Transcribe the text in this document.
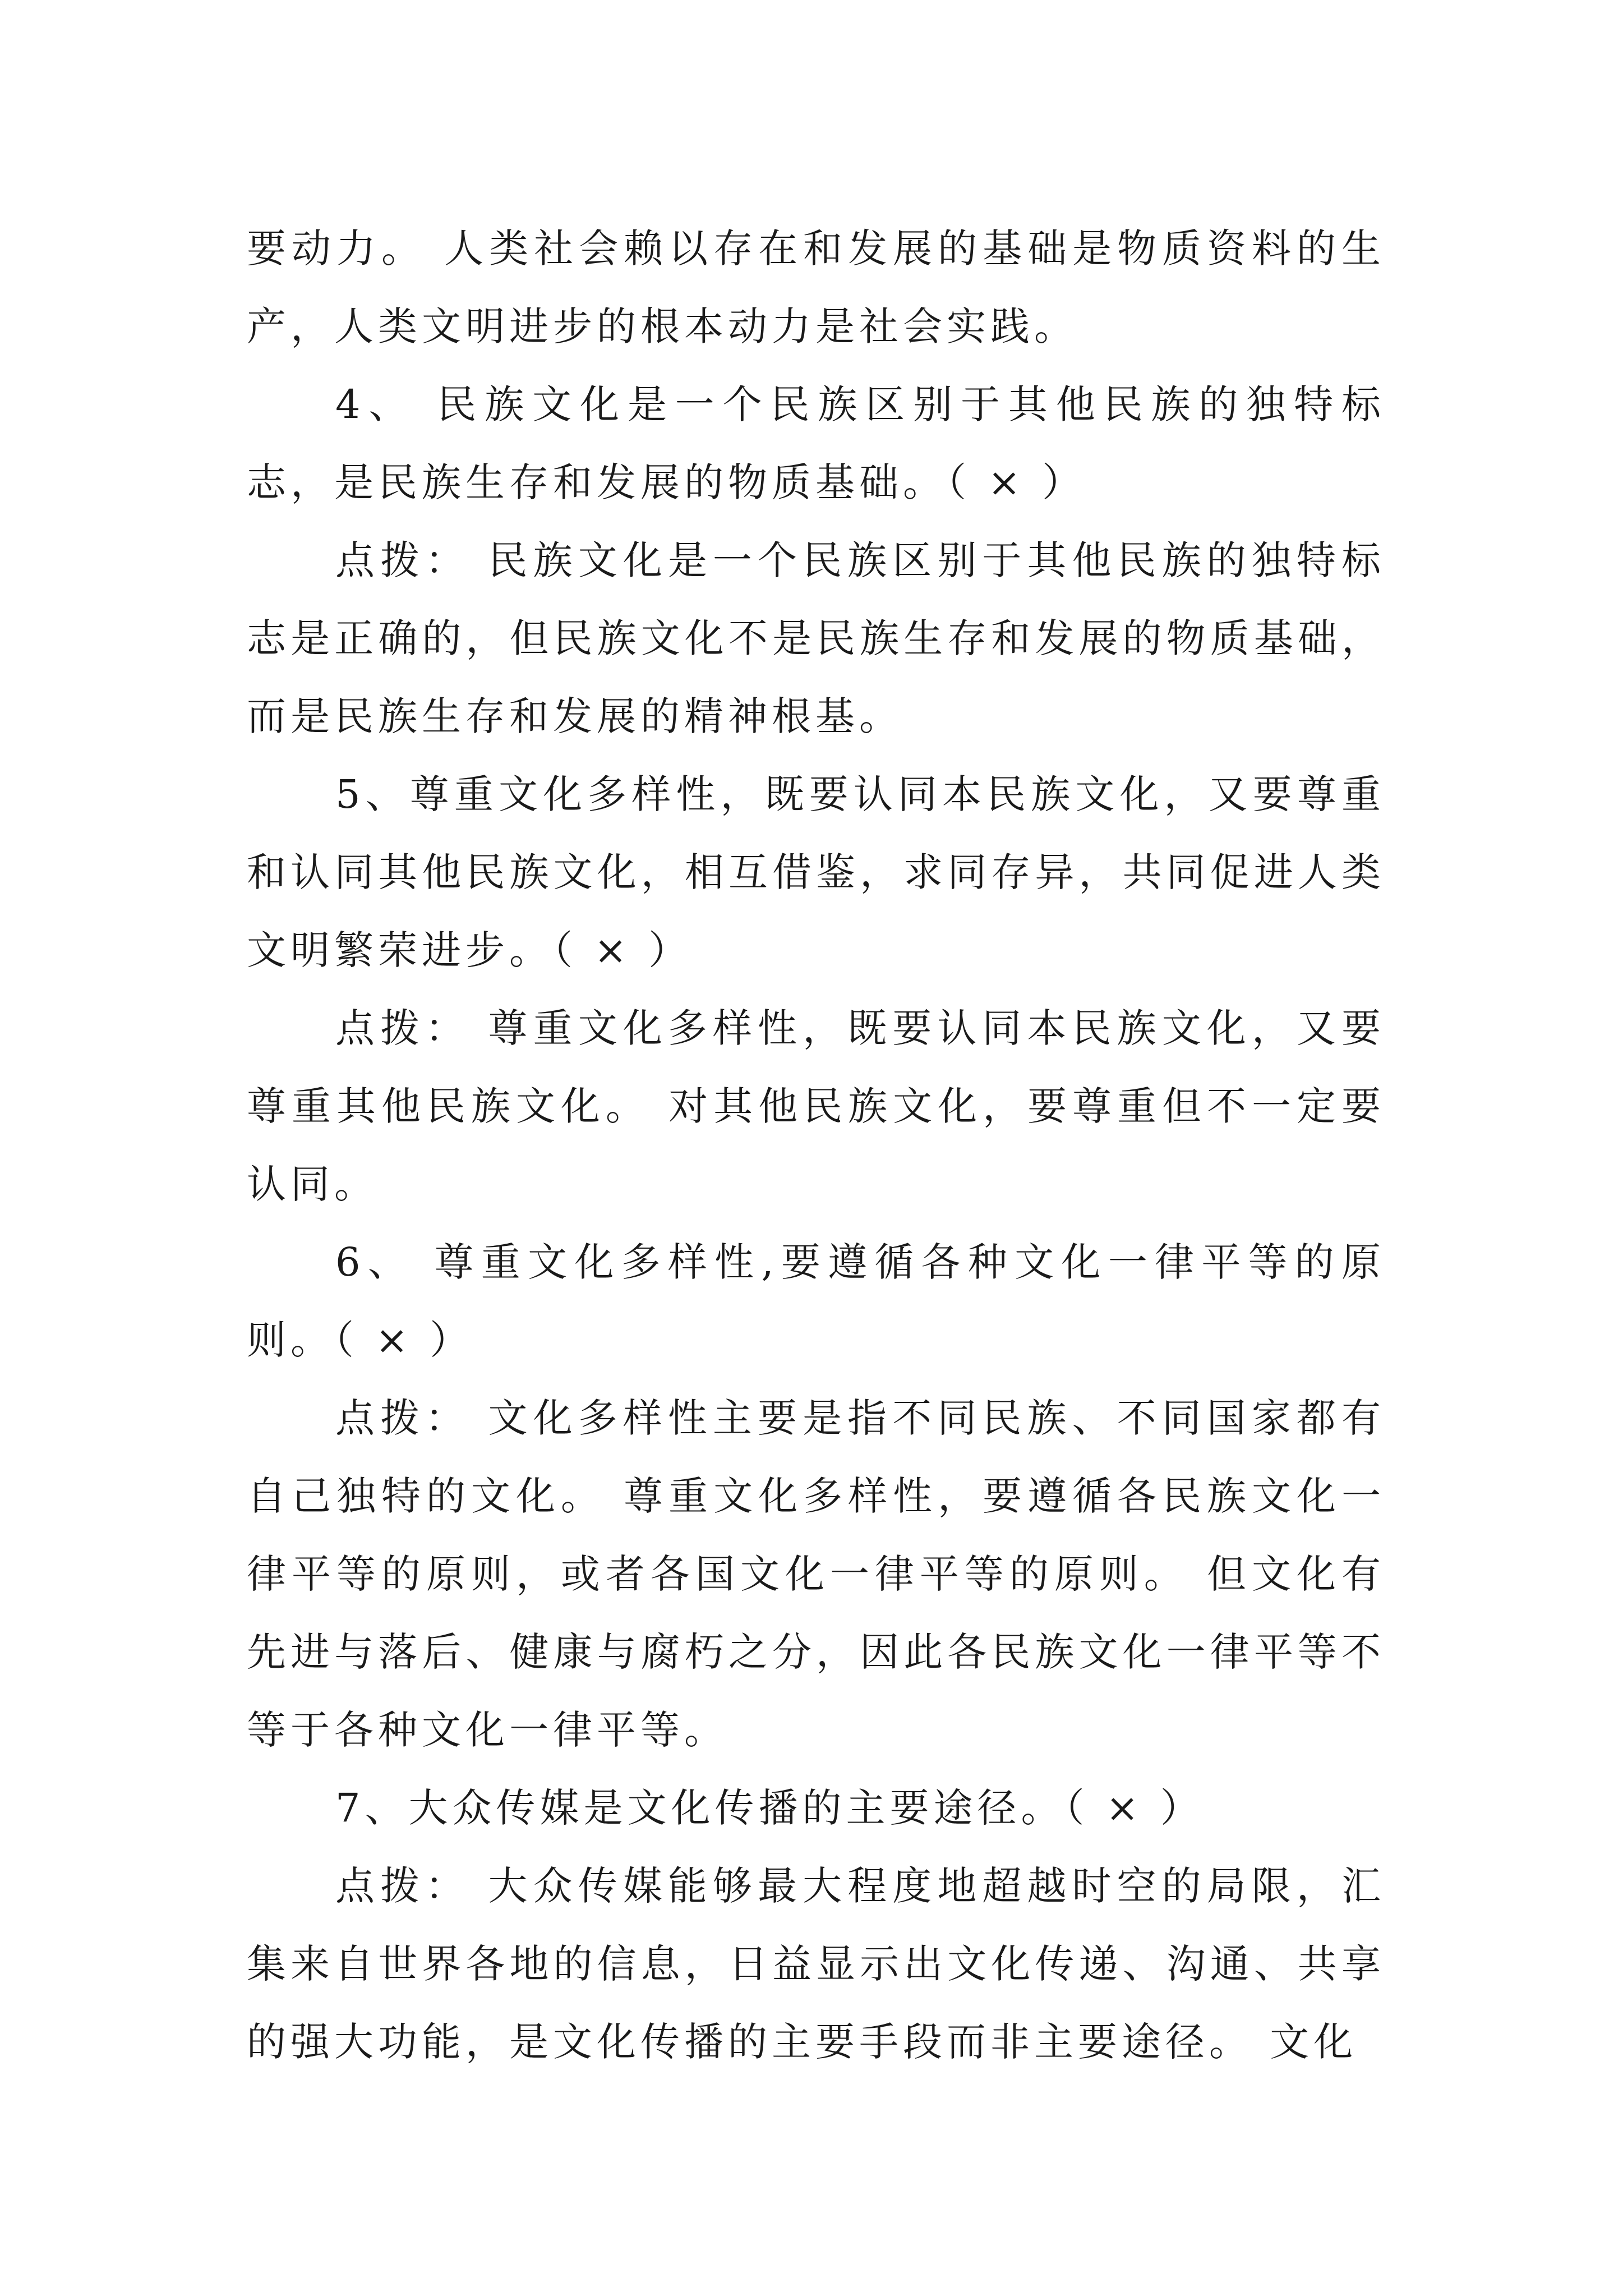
要动力。 人类社会赖以存在和发展的基础是物质资料的生产，人类文明进步的根本动力是社会实践。

4、 民族文化是一个民族区别于其他民族的独特标志，是民族生存和发展的物质基础。（ × ）

点拨： 民族文化是一个民族区别于其他民族的独特标志是正确的，但民族文化不是民族生存和发展的物质基础，而是民族生存和发展的精神根基。

5、尊重文化多样性，既要认同本民族文化，又要尊重和认同其他民族文化，相互借鉴，求同存异，共同促进人类文明繁荣进步。（ × ）

点拨： 尊重文化多样性，既要认同本民族文化，又要尊重其他民族文化。 对其他民族文化，要尊重但不一定要认同。

6、 尊重文化多样性,要遵循各种文化一律平等的原则。（ × ）

点拨： 文化多样性主要是指不同民族、不同国家都有自己独特的文化。 尊重文化多样性，要遵循各民族文化一律平等的原则，或者各国文化一律平等的原则。 但文化有先进与落后、健康与腐朽之分，因此各民族文化一律平等不等于各种文化一律平等。

7、大众传媒是文化传播的主要途径。（ × ）

点拨： 大众传媒能够最大程度地超越时空的局限，汇集来自世界各地的信息，日益显示出文化传递、沟通、共享的强大功能，是文化传播的主要手段而非主要途径。 文化
